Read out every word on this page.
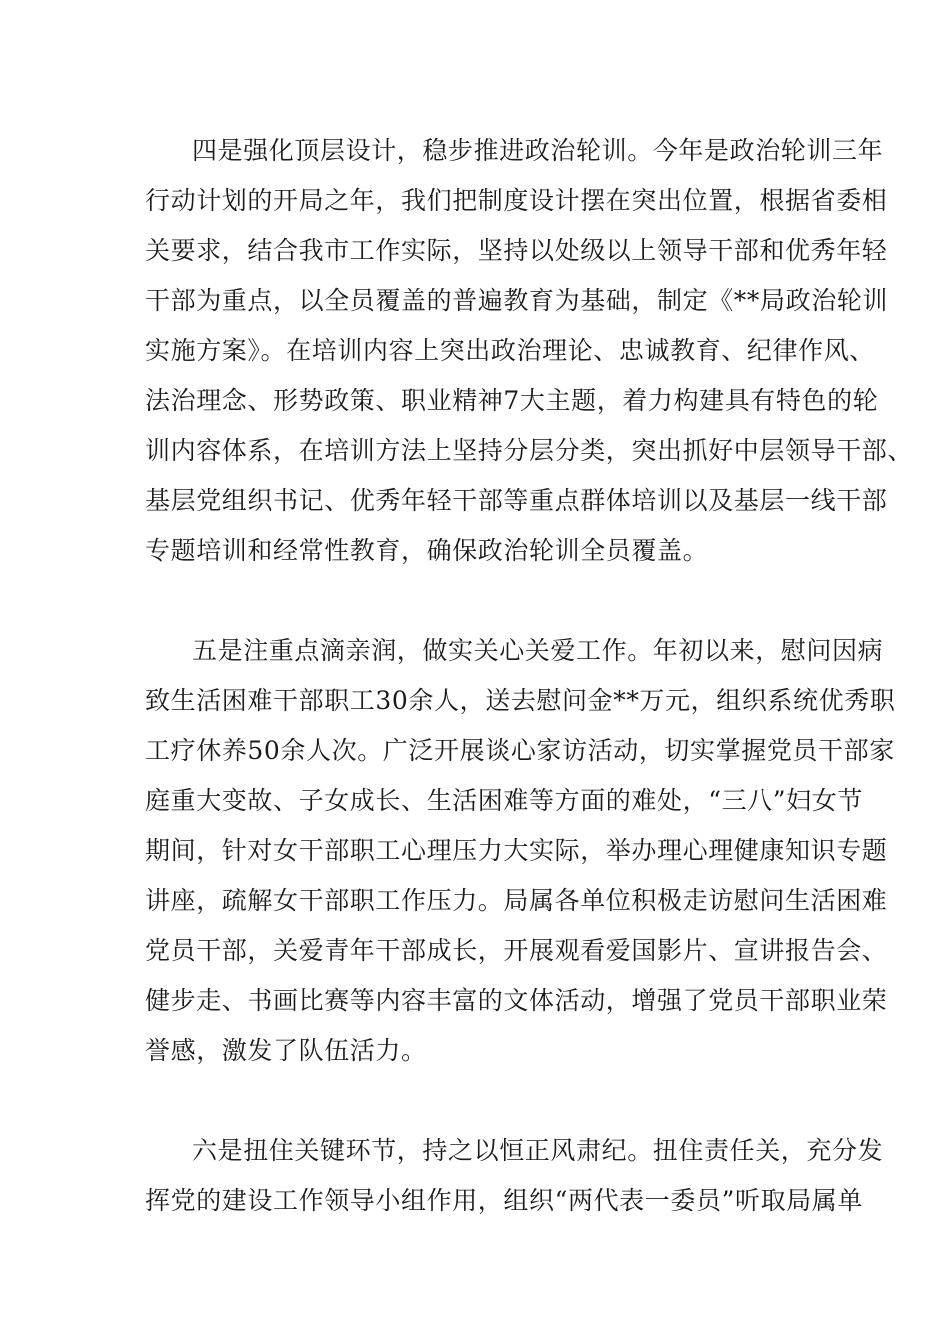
四是强化顶层设计，稳步推进政治轮训。今年是政治轮训三年
行动计划的开局之年，我们把制度设计摆在突出位置，根据省委相
关要求，结合我市工作实际，坚持以处级以上领导干部和优秀年轻
干部为重点，以全员覆盖的普遍教育为基础，制定《**局政治轮训
实施方案》。在培训内容上突出政治理论、忠诚教育、纪律作风、
法治理念、形势政策、职业精神7大主题，着力构建具有特色的轮
训内容体系，在培训方法上坚持分层分类，突出抓好中层领导干部、
基层党组织书记、优秀年轻干部等重点群体培训以及基层一线干部
专题培训和经常性教育，确保政治轮训全员覆盖。
五是注重点滴亲润，做实关心关爱工作。年初以来，慰问因病
致生活困难干部职工30余人，送去慰问金**万元，组织系统优秀职
工疗休养50余人次。广泛开展谈心家访活动，切实掌握党员干部家
庭重大变故、子女成长、生活困难等方面的难处，“三八”妇女节
期间，针对女干部职工心理压力大实际，举办理心理健康知识专题
讲座，疏解女干部职工作压力。局属各单位积极走访慰问生活困难
党员干部，关爱青年干部成长，开展观看爱国影片、宣讲报告会、
健步走、书画比赛等内容丰富的文体活动，增强了党员干部职业荣
誉感，激发了队伍活力。
六是扭住关键环节，持之以恒正风肃纪。扭住责任关，充分发
挥党的建设工作领导小组作用，组织“两代表一委员”听取局属单
